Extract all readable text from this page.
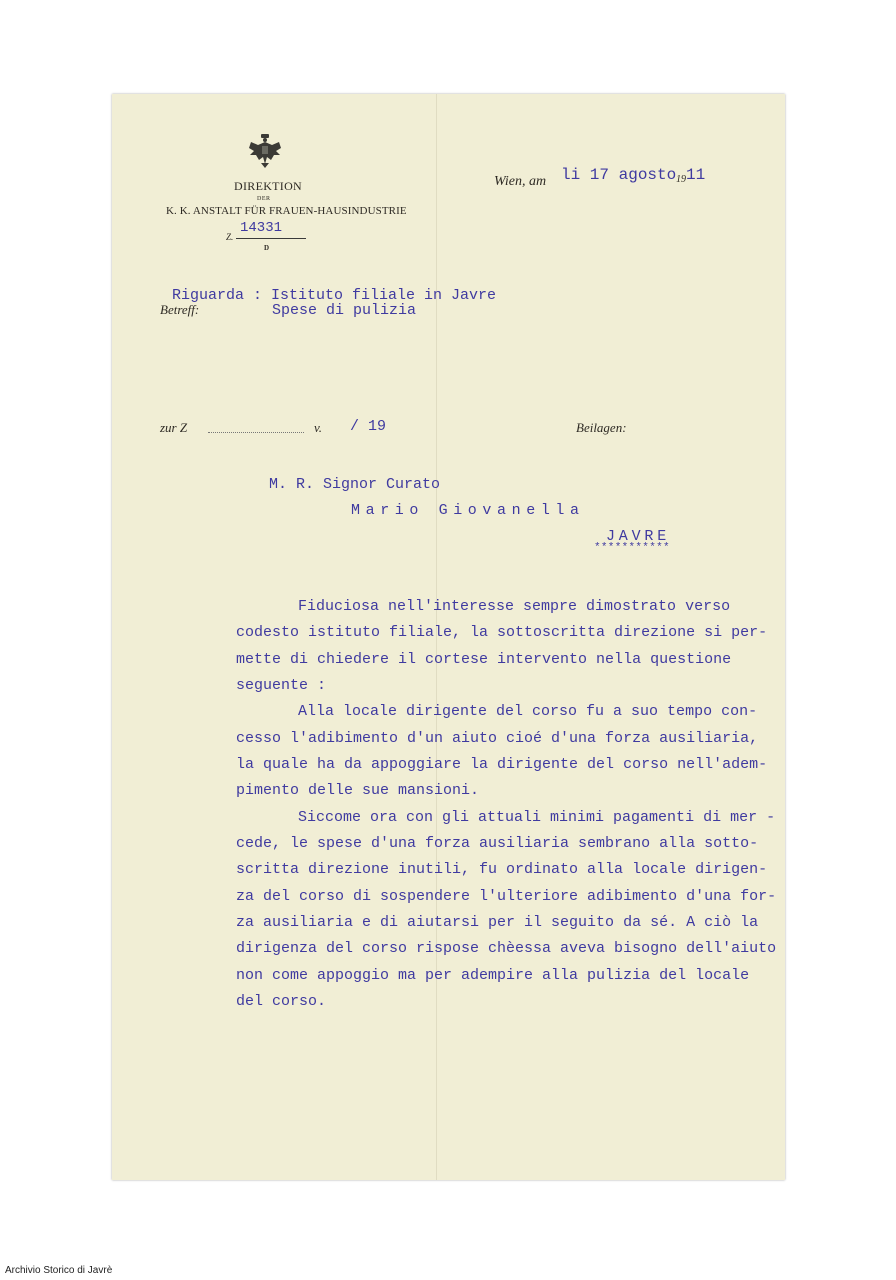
DIREKTION
DER
K. K. ANSTALT FÜR FRAUEN-HAUSINDUSTRIE
Z.
14331
D
Wien, am li 17 agosto 19 11
Betreff:
Riguarda : Istituto filiale in Javre
Spese di pulizia
zur Z	v. / 19	Beilagen:
M. R. Signor Curato
Mario Giovanella
JAVRE
***********
Fiduciosa nell'interesse sempre dimostrato verso
codesto istituto filiale, la sottoscritta direzione si per-
mette di chiedere il cortese intervento nella questione
seguente :
Alla locale dirigente del corso fu a suo tempo con-
cesso l'adibimento d'un aiuto cioé d'una forza ausiliaria,
la quale ha da appoggiare la dirigente del corso nell'adem-
pimento delle sue mansioni.
Siccome ora con gli attuali minimi pagamenti di mer -
cede, le spese d'una forza ausiliaria sembrano alla sotto-
scritta direzione inutili, fu ordinato alla locale dirigen-
za del corso di sospendere l'ulteriore adibimento d'una for-
za ausiliaria e di aiutarsi per il seguito da sé. A ciò la
dirigenza del corso rispose chèessa aveva bisogno dell'aiuto
non come appoggio ma per adempire alla pulizia del locale
del corso.
Archivio Storico di Javrè
